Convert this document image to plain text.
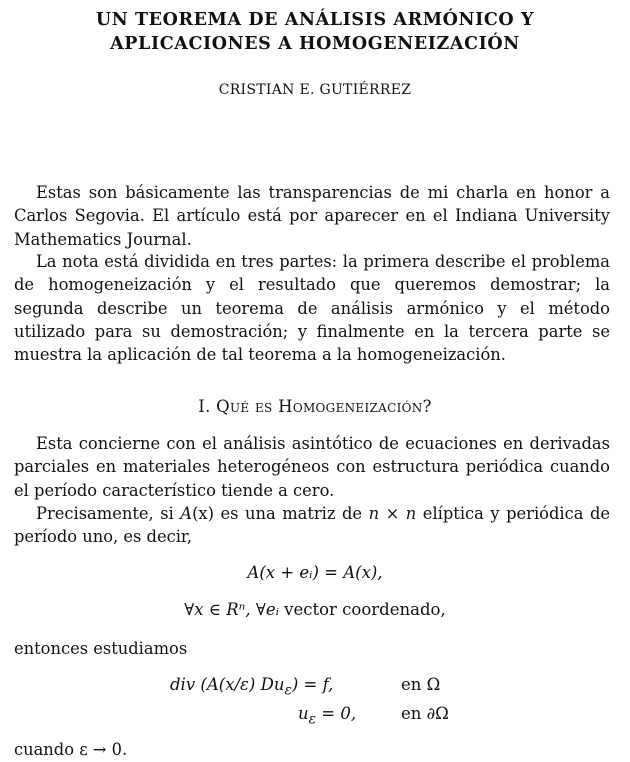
UN TEOREMA DE ANÁLISIS ARMÓNICO Y
APLICACIONES A HOMOGENEIZACIÓN
CRISTIAN E. GUTIÉRREZ
Estas son básicamente las transparencias de mi charla en honor a Carlos Segovia. El artículo está por aparecer en el Indiana University Mathematics Journal.
La nota está dividida en tres partes: la primera describe el problema de homogeneización y el resultado que queremos demostrar; la segunda describe un teorema de análisis armónico y el método utilizado para su demostración; y finalmente en la tercera parte se muestra la aplicación de tal teorema a la homogeneización.
I. Qué es Homogeneización?
Esta concierne con el análisis asintótico de ecuaciones en derivadas parciales en materiales heterogéneos con estructura periódica cuando el período característico tiende a cero.
Precisamente, si A(x) es una matriz de n × n elíptica y periódica de período uno, es decir,
A(x + eᵢ) = A(x),
∀x ∈ Rⁿ, ∀eᵢ vector coordenado,
entonces estudiamos
div (A(x/ε) $Du_\varepsilon) = f$,	en Ω
$u_\varepsilon = 0$,	en ∂Ω
cuando ε → 0.
